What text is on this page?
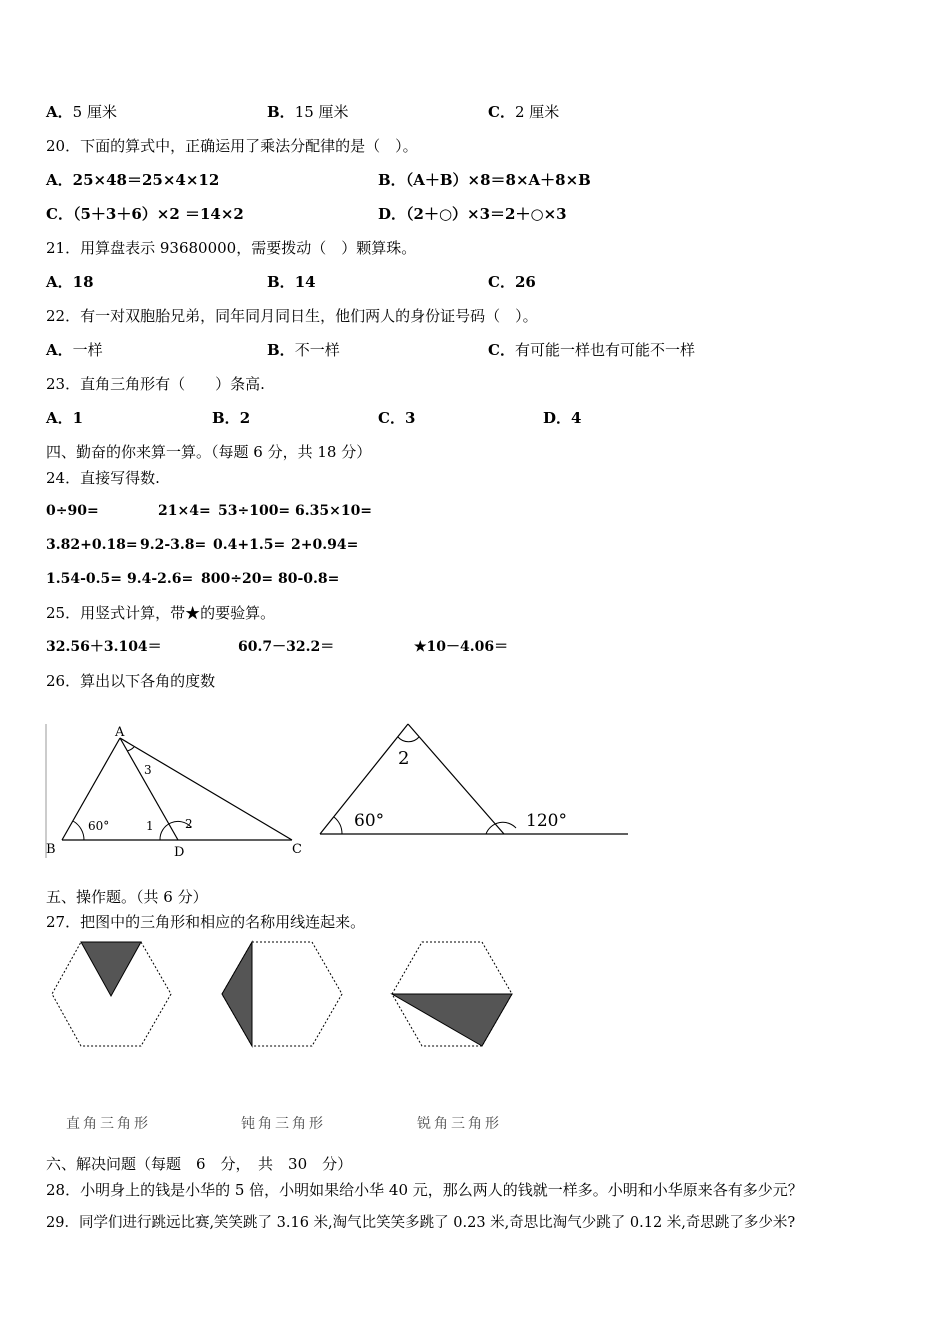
A．5 厘米	B．15 厘米	C．2 厘米
20．下面的算式中，正确运用了乘法分配律的是（　）。
A．25×48＝25×4×12	B．（A＋B）×8＝8×A＋8×B
C．（5＋3＋6）×2 ＝14×2	D．（2＋○）×3＝2＋○×3
21．用算盘表示 93680000，需要拨动（　）颗算珠。
A．18	B．14	C．26
22．有一对双胞胎兄弟，同年同月同日生，他们两人的身份证号码（　）。
A．一样	B．不一样	C．有可能一样也有可能不一样
23．直角三角形有（　　）条高.
A．1	B．2	C．3	D．4
四、勤奋的你来算一算。（每题 6 分，共 18 分）
24．直接写得数.
0÷90=	21×4= 53÷100= 6.35×10=
3.82+0.18= 9.2-3.8= 0.4+1.5= 2+0.94=
1.54-0.5= 9.4-2.6= 800÷20= 80-0.8=
25．用竖式计算，带★的要验算。
32.56＋3.104＝	60.7－32.2＝	★10－4.06＝
26．算出以下各角的度数
A
B	C
D
60°	1	2
3
2
60°	120°
五、操作题。（共 6 分）
27．把图中的三角形和相应的名称用线连起来。
直角三角形	钝角三角形	锐角三角形
六、解决问题（每题　6　分，　共　30　分）
28．小明身上的钱是小华的 5 倍，小明如果给小华 40 元，那么两人的钱就一样多。小明和小华原来各有多少元？
29．同学们进行跳远比赛,笑笑跳了 3.16 米,淘气比笑笑多跳了 0.23 米,奇思比淘气少跳了 0.12 米,奇思跳了多少米?
